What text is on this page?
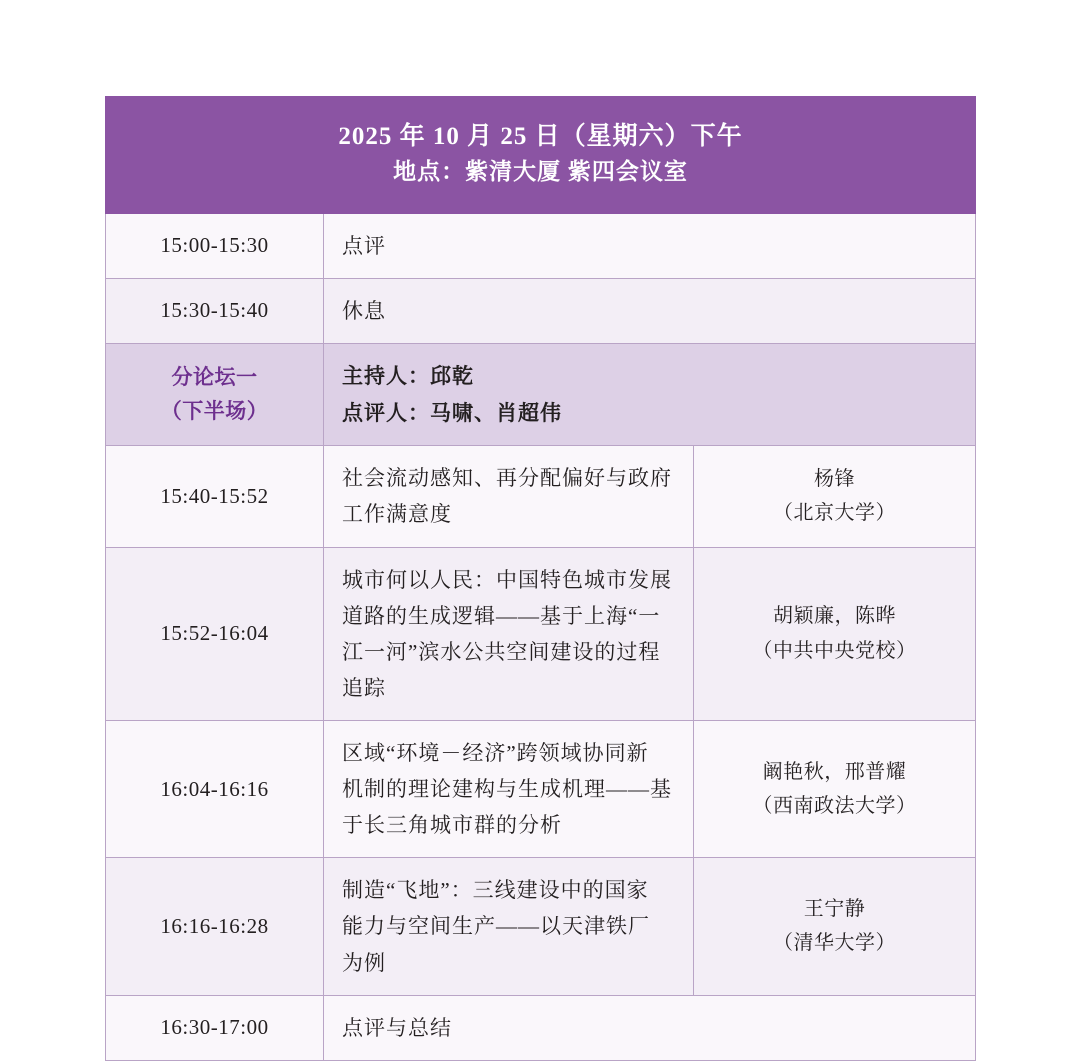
2025 年 10 月 25 日（星期六）下午
地点：紫清大厦 紫四会议室		

15:00-15:30	点评	
15:30-15:40	休息	

分论坛一
（下半场）	主持人：邱乾
点评人：马啸、肖超伟	

15:40-15:52	社会流动感知、再分配偏好与政府
工作满意度	杨锋
（北京大学）

15:52-16:04	城市何以人民：中国特色城市发展
道路的生成逻辑——基于上海“一
江一河”滨水公共空间建设的过程
追踪	胡颖廉，陈晔
（中共中央党校）

16:04-16:16	区域“环境－经济”跨领域协同新
机制的理论建构与生成机理——基
于长三角城市群的分析	阚艳秋，邢普耀
（西南政法大学）

16:16-16:28	制造“飞地”：三线建设中的国家
能力与空间生产——以天津铁厂
为例	王宁静
（清华大学）

16:30-17:00	点评与总结	
